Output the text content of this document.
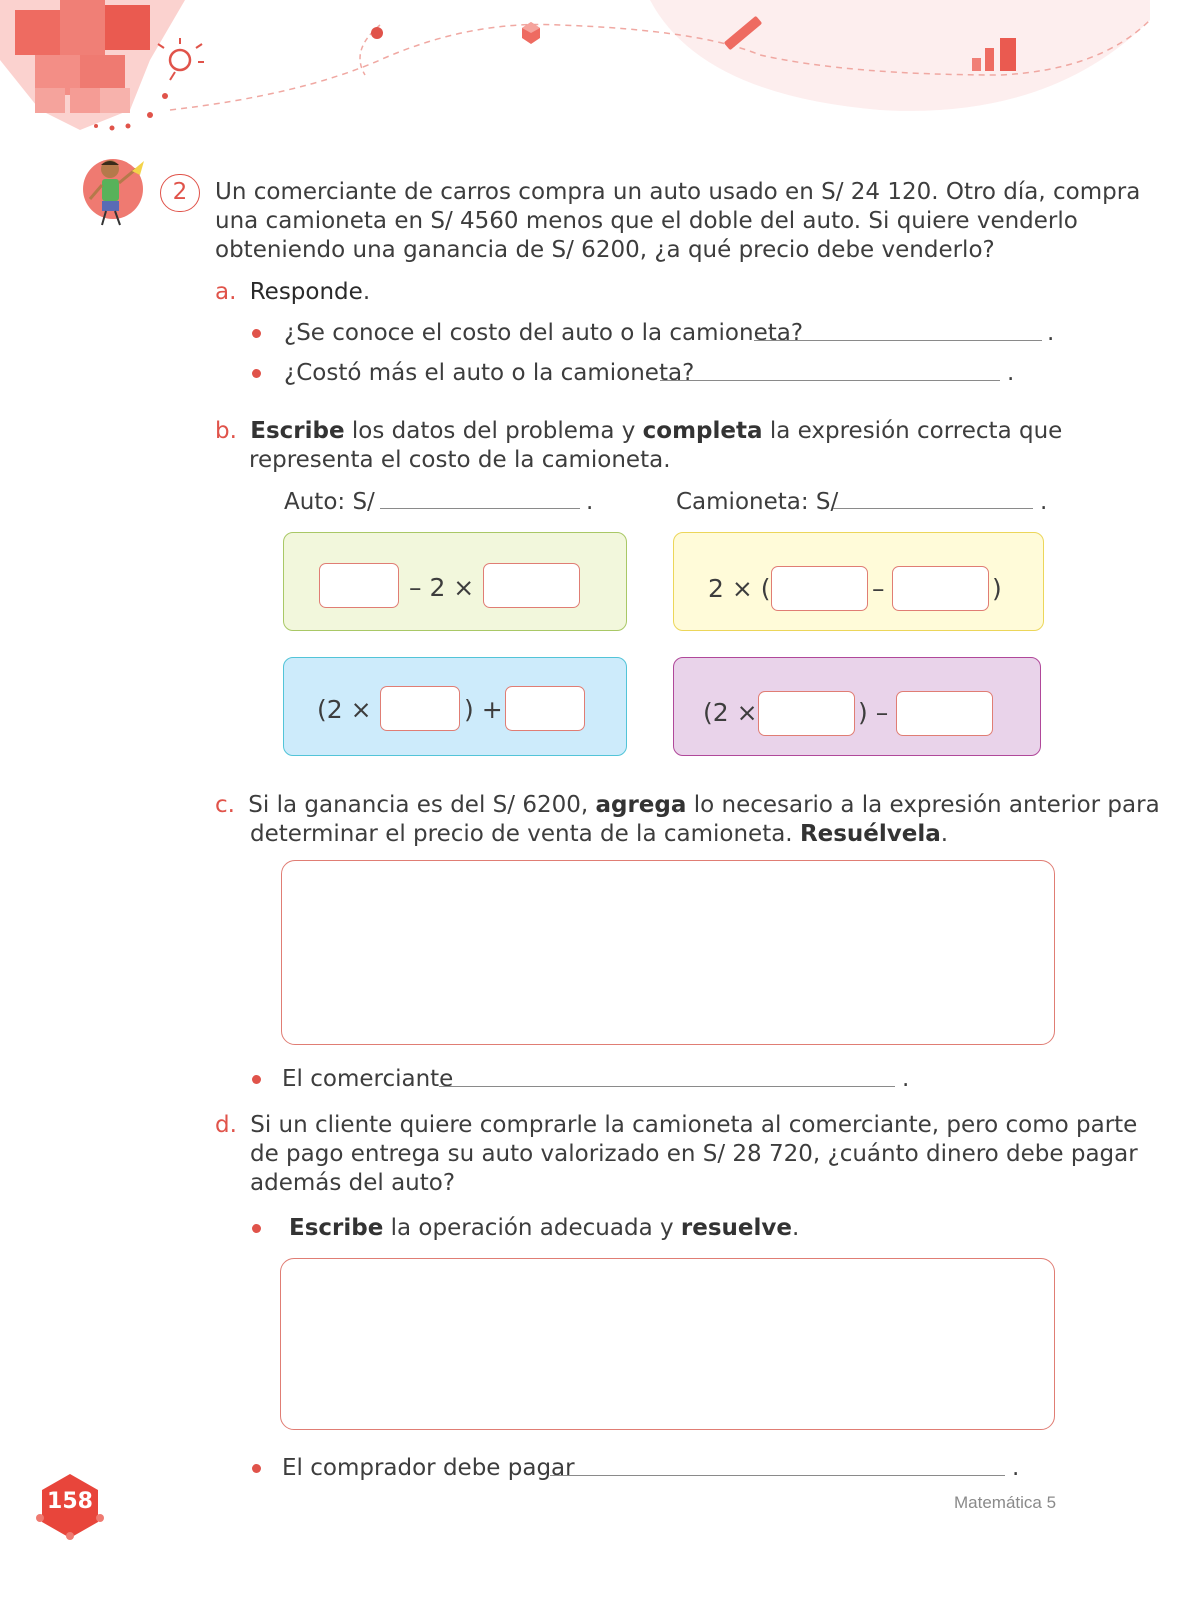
2	Un comerciante de carros compra un auto usado en S/ 24 120. Otro día, compra
una camioneta en S/ 4560 menos que el doble del auto. Si quiere venderlo
obteniendo una ganancia de S/ 6200, ¿a qué precio debe venderlo?
a. Responde.
¿Se conoce el costo del auto o la camioneta?	.
¿Costó más el auto o la camioneta?	.
b. Escribe los datos del problema y completa la expresión correcta que
representa el costo de la camioneta.
Auto: S/	.	Camioneta: S/	.
– 2 ×	2 × (	–	)
(2 ×	) +	(2 ×	) –
c. Si la ganancia es del S/ 6200, agrega lo necesario a la expresión anterior para
determinar el precio de venta de la camioneta. Resuélvela.
El comerciante	.
d. Si un cliente quiere comprarle la camioneta al comerciante, pero como parte
de pago entrega su auto valorizado en S/ 28 720, ¿cuánto dinero debe pagar
además del auto?
Escribe la operación adecuada y resuelve.
El comprador debe pagar	.
158	Matemática 5
